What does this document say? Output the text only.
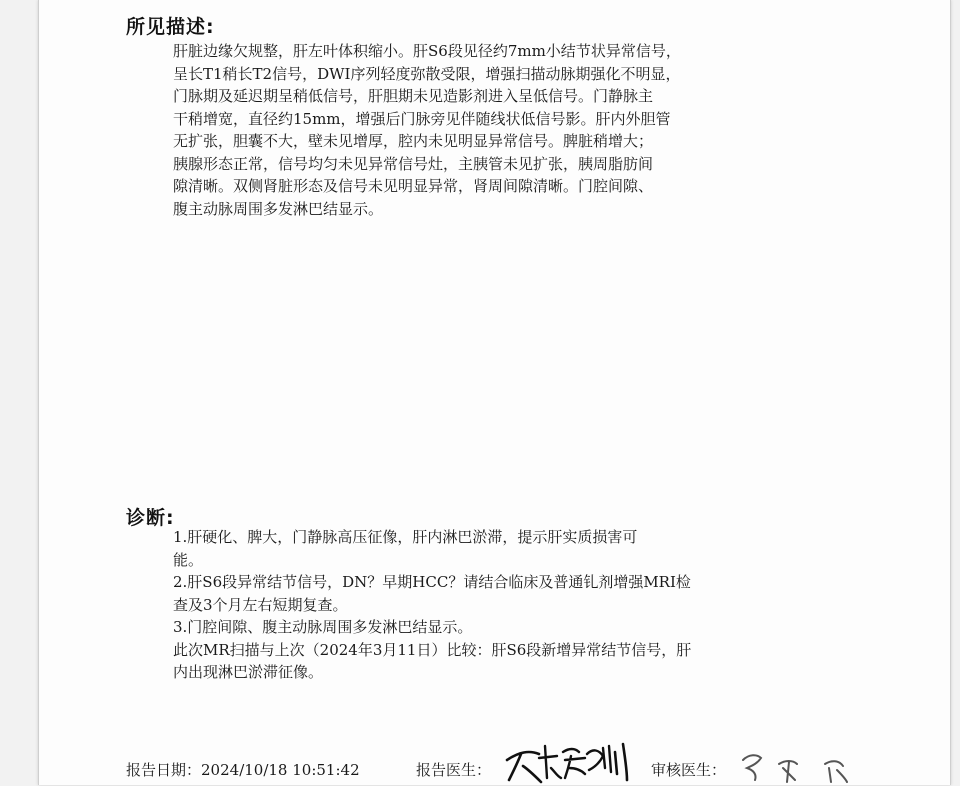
所见描述:
肝脏边缘欠规整，肝左叶体积缩小。肝S6段见径约7mm小结节状异常信号，
呈长T1稍长T2信号，DWI序列轻度弥散受限，增强扫描动脉期强化不明显，
门脉期及延迟期呈稍低信号，肝胆期未见造影剂进入呈低信号。门静脉主
干稍增宽，直径约15mm，增强后门脉旁见伴随线状低信号影。肝内外胆管
无扩张，胆囊不大，壁未见增厚，腔内未见明显异常信号。脾脏稍增大；
胰腺形态正常，信号均匀未见异常信号灶，主胰管未见扩张，胰周脂肪间
隙清晰。双侧肾脏形态及信号未见明显异常，肾周间隙清晰。门腔间隙、
腹主动脉周围多发淋巴结显示。
诊断:
1.肝硬化、脾大，门静脉高压征像，肝内淋巴淤滞，提示肝实质损害可
能。
2.肝S6段异常结节信号，DN？早期HCC？请结合临床及普通钆剂增强MRI检
查及3个月左右短期复查。
3.门腔间隙、腹主动脉周围多发淋巴结显示。
此次MR扫描与上次（2024年3月11日）比较：肝S6段新增异常结节信号，肝
内出现淋巴淤滞征像。
报告日期：2024/10/18 10:51:42	报告医生：	审核医生：
